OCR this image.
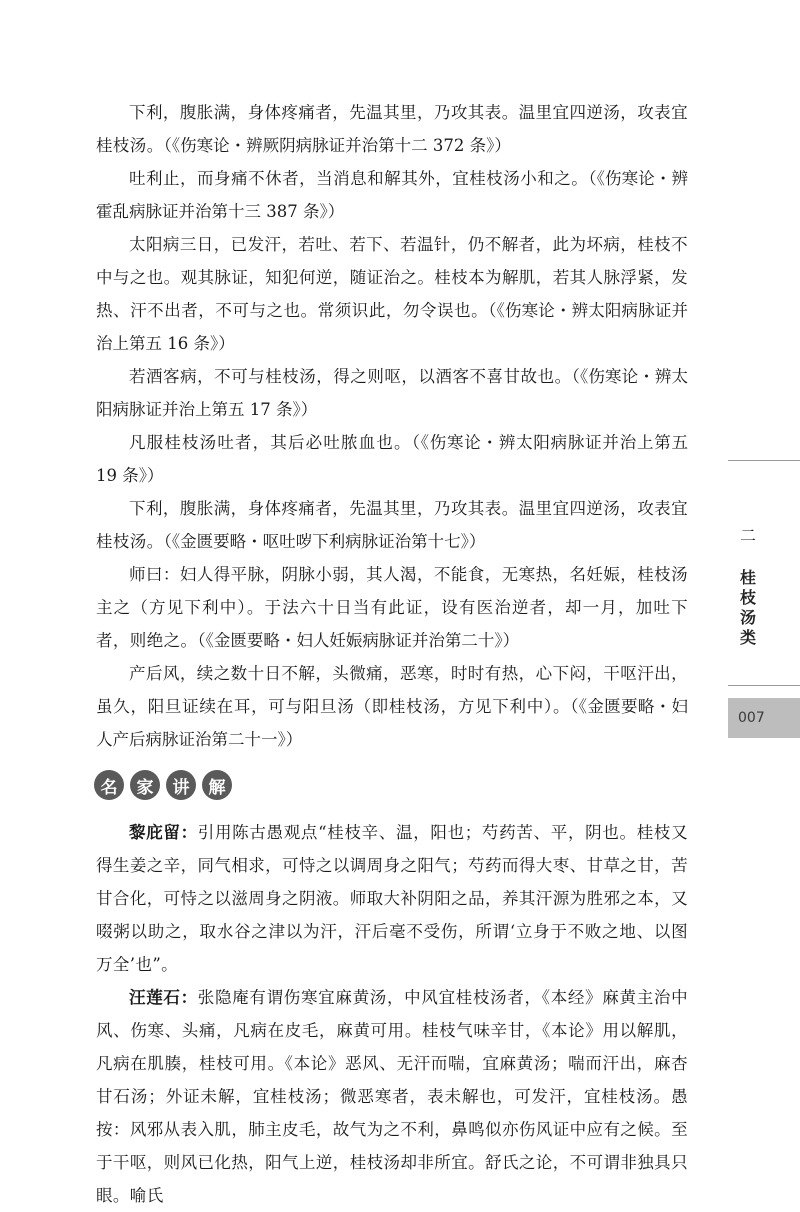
下利，腹胀满，身体疼痛者，先温其里，乃攻其表。温里宜四逆汤，攻表宜桂枝汤。（《伤寒论・辨厥阴病脉证并治第十二 372 条》）

吐利止，而身痛不休者，当消息和解其外，宜桂枝汤小和之。（《伤寒论・辨霍乱病脉证并治第十三 387 条》）

太阳病三日，已发汗，若吐、若下、若温针，仍不解者，此为坏病，桂枝不中与之也。观其脉证，知犯何逆，随证治之。桂枝本为解肌，若其人脉浮紧，发热、汗不出者，不可与之也。常须识此，勿令误也。（《伤寒论・辨太阳病脉证并治上第五 16 条》）

若酒客病，不可与桂枝汤，得之则呕，以酒客不喜甘故也。（《伤寒论・辨太阳病脉证并治上第五 17 条》）

凡服桂枝汤吐者，其后必吐脓血也。（《伤寒论・辨太阳病脉证并治上第五 19 条》）

下利，腹胀满，身体疼痛者，先温其里，乃攻其表。温里宜四逆汤，攻表宜桂枝汤。（《金匮要略・呕吐哕下利病脉证治第十七》）

师曰：妇人得平脉，阴脉小弱，其人渴，不能食，无寒热，名妊娠，桂枝汤主之（方见下利中）。于法六十日当有此证，设有医治逆者，却一月，加吐下者，则绝之。（《金匮要略・妇人妊娠病脉证并治第二十》）

产后风，续之数十日不解，头微痛，恶寒，时时有热，心下闷，干呕汗出，虽久，阳旦证续在耳，可与阳旦汤（即桂枝汤，方见下利中）。（《金匮要略・妇人产后病脉证治第二十一》）

名	家	讲	解

黎庇留：引用陈古愚观点“桂枝辛、温，阳也；芍药苦、平，阴也。桂枝又得生姜之辛，同气相求，可恃之以调周身之阳气；芍药而得大枣、甘草之甘，苦甘合化，可恃之以滋周身之阴液。师取大补阴阳之品，养其汗源为胜邪之本，又啜粥以助之，取水谷之津以为汗，汗后毫不受伤，所谓‘立身于不败之地、以图万全’也”。

汪莲石：张隐庵有谓伤寒宜麻黄汤，中风宜桂枝汤者，《本经》麻黄主治中风、伤寒、头痛，凡病在皮毛，麻黄可用。桂枝气味辛甘，《本论》用以解肌，凡病在肌腠，桂枝可用。《本论》恶风、无汗而喘，宜麻黄汤；喘而汗出，麻杏甘石汤；外证未解，宜桂枝汤；微恶寒者，表未解也，可发汗，宜桂枝汤。愚按：风邪从表入肌，肺主皮毛，故气为之不利，鼻鸣似亦伤风证中应有之候。至于干呕，则风已化热，阳气上逆，桂枝汤却非所宜。舒氏之论，不可谓非独具只眼。喻氏

二
桂
枝
汤
类
007
